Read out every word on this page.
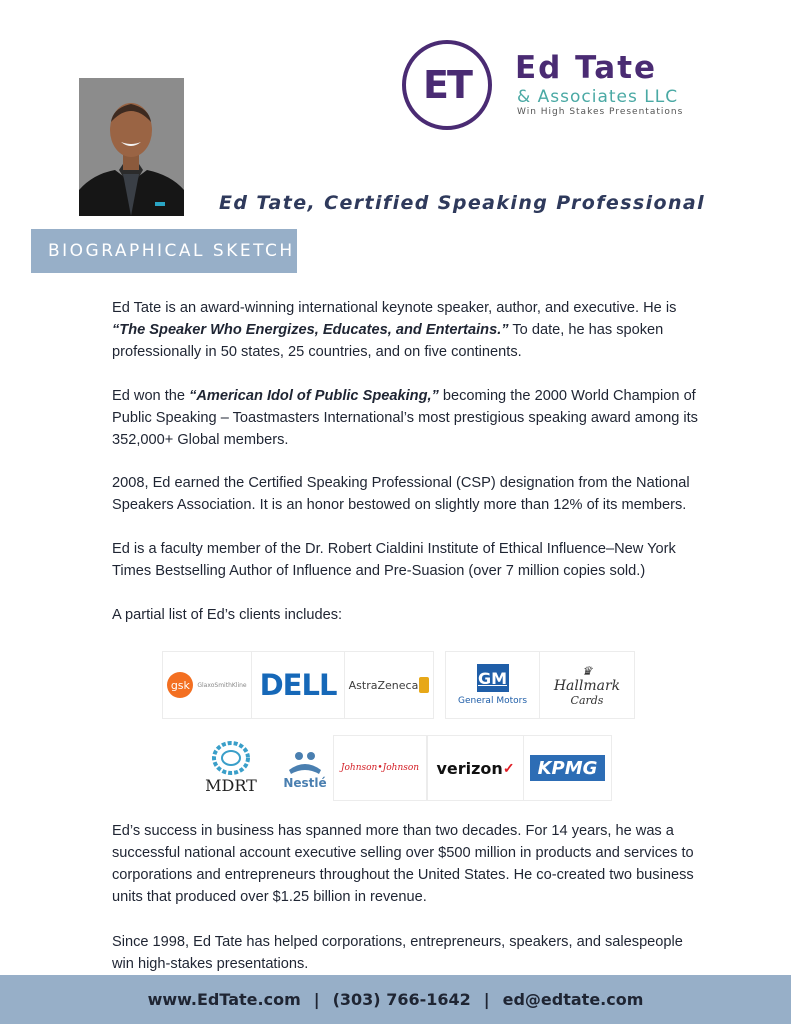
ET	Ed Tate
& Associates LLC
Win High Stakes Presentations
Ed Tate, Certified Speaking Professional
BIOGRAPHICAL SKETCH

Ed Tate is an award-winning international keynote speaker, author, and executive. He is “The Speaker Who Energizes, Educates, and Entertains.” To date, he has spoken professionally in 50 states, 25 countries, and on five continents.

Ed won the “American Idol of Public Speaking,” becoming the 2000 World Champion of Public Speaking – Toastmasters International’s most prestigious speaking award among its 352,000+ Global members.

2008, Ed earned the Certified Speaking Professional (CSP) designation from the National Speakers Association. It is an honor bestowed on slightly more than 12% of its members.

Ed is a faculty member of the Dr. Robert Cialdini Institute of Ethical Influence–New York Times Bestselling Author of Influence and Pre-Suasion (over 7 million copies sold.)

A partial list of Ed’s clients includes:

gsk	GlaxoSmithKline DELL AstraZeneca	GM
General Motors
♛
Hallmark
Cards
MDRT Nestlé
Johnson•Johnson verizon ✓	KPMG

Ed’s success in business has spanned more than two decades. For 14 years, he was a successful national account executive selling over $500 million in products and services to corporations and entrepreneurs throughout the United States. He co-created two business units that produced over $1.25 billion in revenue.

Since 1998, Ed Tate has helped corporations, entrepreneurs, speakers, and salespeople win high-stakes presentations.

www.EdTate.com | (303) 766-1642 | ed@edtate.com
